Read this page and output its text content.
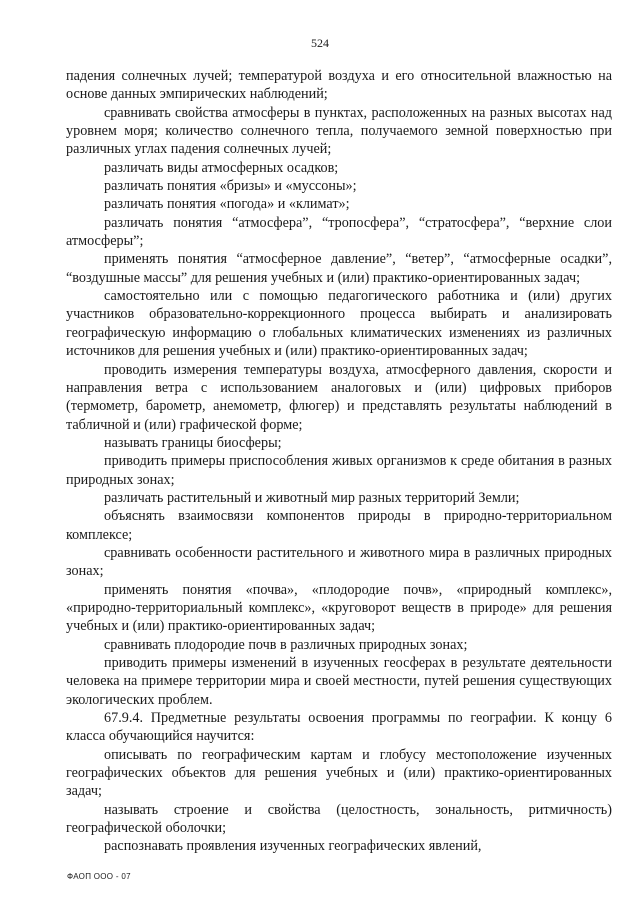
524

падения солнечных лучей; температурой воздуха и его относительной влажностью на основе данных эмпирических наблюдений;

сравнивать свойства атмосферы в пунктах, расположенных на разных высотах над уровнем моря; количество солнечного тепла, получаемого земной поверхностью при различных углах падения солнечных лучей;

различать виды атмосферных осадков;

различать понятия «бризы» и «муссоны»;

различать понятия «погода» и «климат»;

различать понятия “атмосфера”, “тропосфера”, “стратосфера”, “верхние слои атмосферы”;

применять понятия “атмосферное давление”, “ветер”, “атмосферные осадки”, “воздушные массы” для решения учебных и (или) практико-ориентированных задач;

самостоятельно или с помощью педагогического работника и (или) других участников образовательно-коррекционного процесса выбирать и анализировать географическую информацию о глобальных климатических изменениях из различных источников для решения учебных и (или) практико-ориентированных задач;

проводить измерения температуры воздуха, атмосферного давления, скорости и направления ветра с использованием аналоговых и (или) цифровых приборов (термометр, барометр, анемометр, флюгер) и представлять результаты наблюдений в табличной и (или) графической форме;

называть границы биосферы;

приводить примеры приспособления живых организмов к среде обитания в разных природных зонах;

различать растительный и животный мир разных территорий Земли;

объяснять взаимосвязи компонентов природы в природно-территориальном комплексе;

сравнивать особенности растительного и животного мира в различных природных зонах;

применять понятия «почва», «плодородие почв», «природный комплекс», «природно-территориальный комплекс», «круговорот веществ в природе» для решения учебных и (или) практико-ориентированных задач;

сравнивать плодородие почв в различных природных зонах;

приводить примеры изменений в изученных геосферах в результате деятельности человека на примере территории мира и своей местности, путей решения существующих экологических проблем.

67.9.4. Предметные результаты освоения программы по географии. К концу 6 класса обучающийся научится:

описывать по географическим картам и глобусу местоположение изученных географических объектов для решения учебных и (или) практико-ориентированных задач;

называть строение и свойства (целостность, зональность, ритмичность) географической оболочки;

распознавать проявления изученных географических явлений,

ФАОП ООО - 07
